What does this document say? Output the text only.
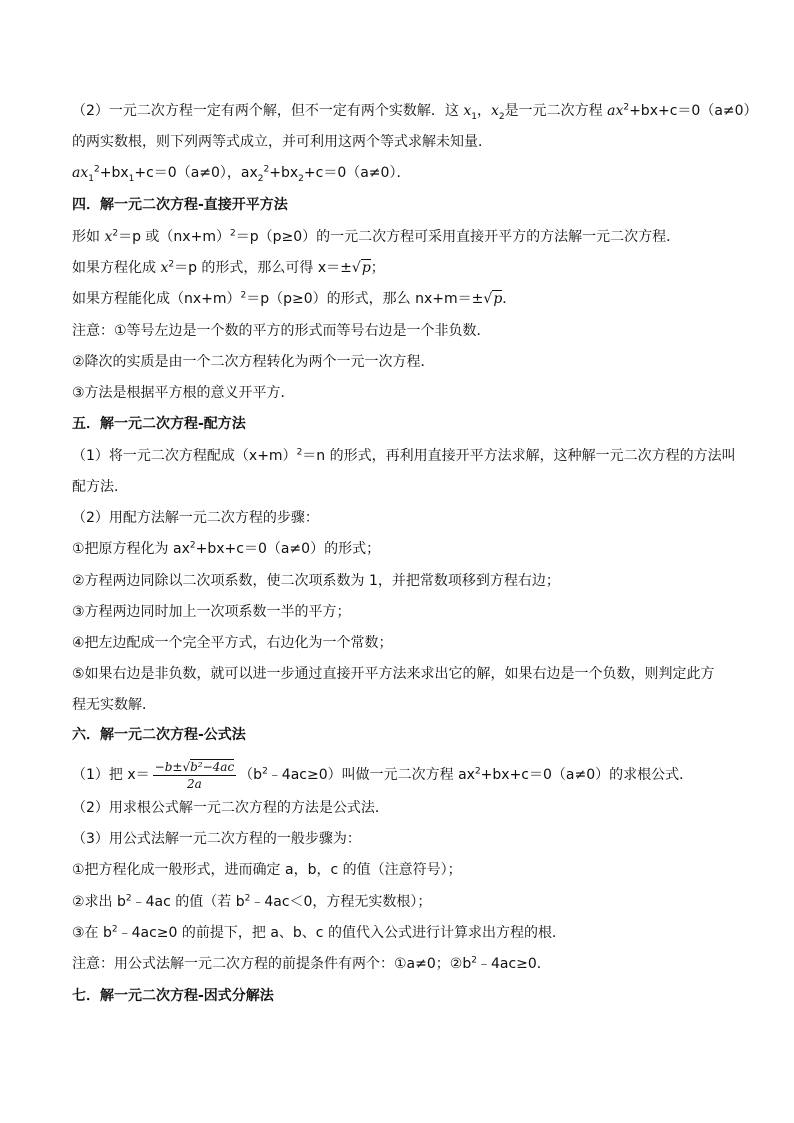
（2）一元二次方程一定有两个解，但不一定有两个实数解．这 $x_1$，$x_2$是一元二次方程 $ax^2+bx+c=0(a\ne 0)$
的两实数根，则下列两等式成立，并可利用这两个等式求解未知量．
$ax_1^2+bx_1+c=0(a\ne 0)$，$ax_2^2+bx_2+c=0(a\ne 0)$．
四．解一元二次方程-直接开平方法
形如 $x^2=p$ 或$(nx+m)^2=p(p\ge 0)$的一元二次方程可采用直接开平方的方法解一元二次方程．
如果方程化成 $x^2=p$ 的形式，那么可得 x＝±√p；
如果方程能化成$(nx+m)^2=p(p\ge 0)$的形式，那么 nx+m＝±√p．
注意：①等号左边是一个数的平方的形式而等号右边是一个非负数．
②降次的实质是由一个二次方程转化为两个一元一次方程．
③方法是根据平方根的意义开平方．
五．解一元二次方程-配方法
（1）将一元二次方程配成$(x+m)^2=n$ 的形式，再利用直接开平方法求解，这种解一元二次方程的方法叫
配方法．
（2）用配方法解一元二次方程的步骤：
①把原方程化为 $ax^2+bx+c=0(a\ne 0)$的形式；
②方程两边同除以二次项系数，使二次项系数为 1，并把常数项移到方程右边；
③方程两边同时加上一次项系数一半的平方；
④把左边配成一个完全平方式，右边化为一个常数；
⑤如果右边是非负数，就可以进一步通过直接开平方法来求出它的解，如果右边是一个负数，则判定此方
程无实数解．
六．解一元二次方程-公式法
（1）把 $x= \frac{\text{−b±√b²−4ac}}{2a}$ $(b^2﹣4ac\ge 0)$叫做一元二次方程 $ax^2+bx+c=0(a\ne 0)$的求根公式．
（2）用求根公式解一元二次方程的方法是公式法．
（3）用公式法解一元二次方程的一般步骤为：
①把方程化成一般形式，进而确定 a，b，c 的值（注意符号）；
②求出 $b^2﹣4ac$ 的值（若 $b^2﹣4ac<0$，方程无实数根）；
③在 $b^2﹣4ac\ge 0$ 的前提下，把 a、b、c 的值代入公式进行计算求出方程的根．
注意：用公式法解一元二次方程的前提条件有两个：①a≠0；$②b^2﹣4ac\ge 0$．
七．解一元二次方程-因式分解法
